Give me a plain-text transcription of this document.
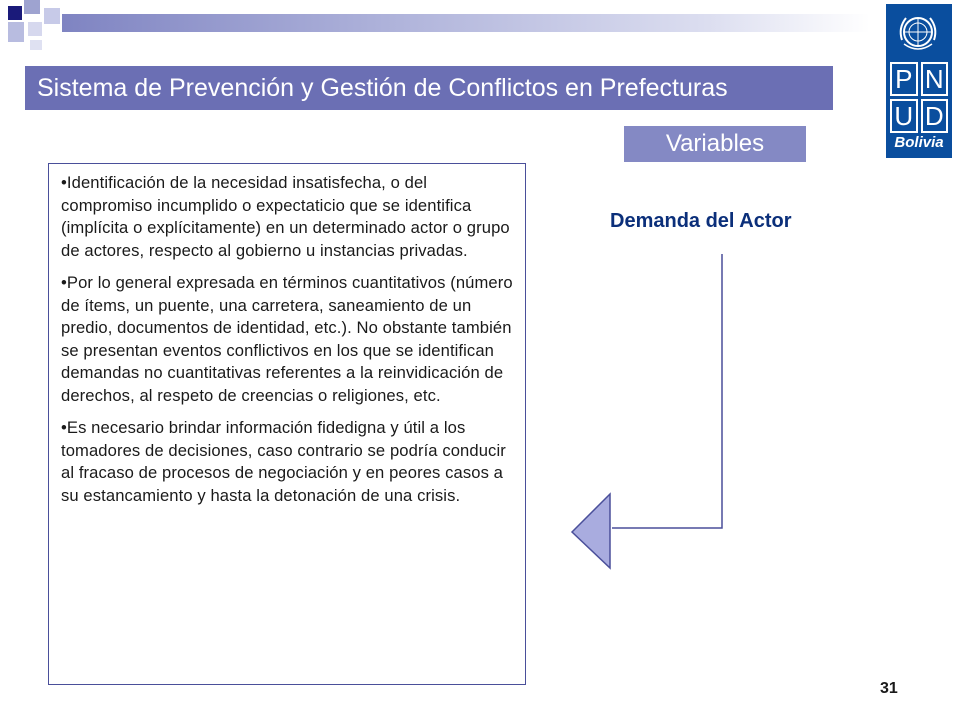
Sistema de Prevención y Gestión de Conflictos en Prefecturas	P N
U D
Bolivia
Variables
Demanda del Actor

•Identificación de la necesidad insatisfecha, o del compromiso incumplido o expectaticio que se identifica (implícita o explícitamente) en un determinado actor o grupo de actores, respecto al gobierno u instancias privadas.

•Por lo general expresada en términos cuantitativos (número de ítems, un puente, una carretera, saneamiento de un predio, documentos de identidad, etc.). No obstante también se presentan eventos conflictivos en los que se identifican demandas no cuantitativas referentes a la reinvidicación de derechos, al respeto de creencias o religiones, etc.

•Es necesario brindar información fidedigna y útil a los tomadores de decisiones, caso contrario se podría conducir al fracaso de procesos de negociación y en peores casos a su estancamiento y hasta la detonación de una crisis.

31
